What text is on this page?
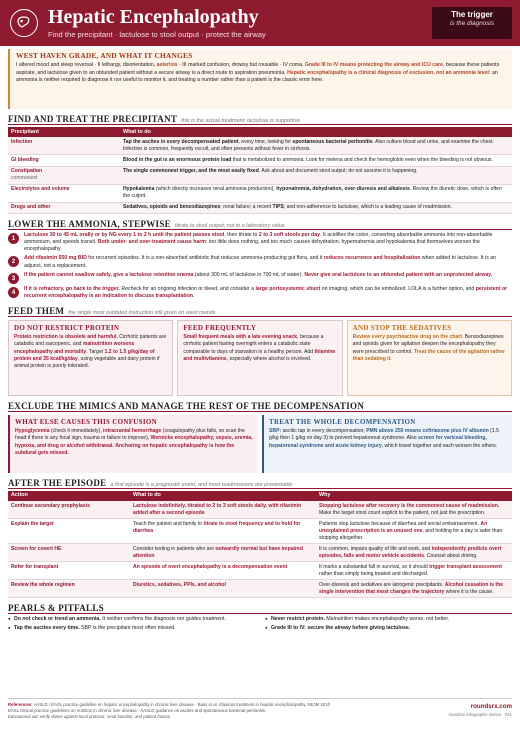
Hepatic Encephalopathy
Find the precipitant · lactulose to stool output · protect the airway
The trigger
is the diagnosis
WEST HAVEN GRADE, AND WHAT IT CHANGES

I altered mood and sleep reversal · II lethargy, disorientation, asterixis · III marked confusion, drowsy but rousable · IV coma. Grade III to IV means protecting the airway and ICU care, because these patients aspirate, and lactulose given to an obtunded patient without a secure airway is a direct route to aspiration pneumonia. Hepatic encephalopathy is a clinical diagnosis of exclusion, not an ammonia level: an ammonia is neither required to diagnose it nor useful to monitor it, and treating a number rather than a patient is the classic error here.

FIND AND TREAT THE PRECIPITANT this is the actual treatment; lactulose is supportive
Precipitant	What to do
Infection	Tap the ascites in every decompensated patient, every time, looking for spontaneous bacterial peritonitis. Also culture blood and urine, and examine the chest. Infection is common, frequently occult, and often presents without fever in cirrhosis.
GI bleeding	Blood in the gut is an enormous protein load that is metabolized to ammonia. Look for melena and check the hemoglobin even when the bleeding is not obvious.
Constipation
commonest	The single commonest trigger, and the most easily fixed. Ask about and document stool output; do not assume it is happening.
Electrolytes and volume	Hypokalemia (which directly increases renal ammonia production), hyponatremia, dehydration, over-diuresis and alkalosis. Review the diuretic dose, which is often the culprit.
Drugs and other	Sedatives, opioids and benzodiazepines; renal failure; a recent TIPS; and non-adherence to lactulose, which is a leading cause of readmission.
LOWER THE AMMONIA, STEPWISE titrate to stool output, not to a laboratory value
1	Lactulose 30 to 45 mL orally or by NG every 1 to 2 h until the patient passes stool, then titrate to 2 to 3 soft stools per day. It acidifies the colon, converting absorbable ammonia into non-absorbable ammonium, and speeds transit. Both under- and over-treatment cause harm: too little does nothing, and too much causes dehydration, hypernatremia and hypokalemia that themselves worsen the encephalopathy.

2	Add rifaximin 550 mg BID for recurrent episodes. It is a non-absorbed antibiotic that reduces ammonia-producing gut flora, and it reduces recurrence and hospitalization when added to lactulose. It is an adjunct, not a replacement.

3	If the patient cannot swallow safely, give a lactulose retention enema (about 300 mL of lactulose in 700 mL of water). Never give oral lactulose to an obtunded patient with an unprotected airway.

4	If it is refractory, go back to the trigger. Recheck for an ongoing infection or bleed, and consider a large portosystemic shunt on imaging, which can be embolized. LOLA is a further option, and persistent or recurrent encephalopathy is an indication to discuss transplantation.

FEED THEM the single most outdated instruction still given on ward rounds
DO NOT RESTRICT PROTEIN

Protein restriction is obsolete and harmful. Cirrhotic patients are catabolic and sarcopenic, and malnutrition worsens encephalopathy and mortality. Target 1.2 to 1.5 g/kg/day of protein and 35 kcal/kg/day, using vegetable and dairy protein if animal protein is poorly tolerated.

FEED FREQUENTLY

Small frequent meals with a late evening snack, because a cirrhotic patient fasting overnight enters a catabolic state comparable to days of starvation in a healthy person. Add thiamine and multivitamins, especially where alcohol is involved.

AND STOP THE SEDATIVES

Review every psychoactive drug on the chart. Benzodiazepines and opioids given for agitation deepen the encephalopathy they were prescribed to control. Treat the cause of the agitation rather than sedating it.

EXCLUDE THE MIMICS AND MANAGE THE REST OF THE DECOMPENSATION
WHAT ELSE CAUSES THIS CONFUSION

Hypoglycemia (check it immediately), intracranial hemorrhage (coagulopathy plus falls, so scan the head if there is any focal sign, trauma or failure to improve), Wernicke encephalopathy, sepsis, uremia, hypoxia, and drug or alcohol withdrawal. Anchoring on hepatic encephalopathy is how the subdural gets missed.

TREAT THE WHOLE DECOMPENSATION

SBP: ascitic tap in every decompensation; PMN above 250 means ceftriaxone plus IV albumin (1.5 g/kg then 1 g/kg on day 3) to prevent hepatorenal syndrome. Also screen for variceal bleeding, hepatorenal syndrome and acute kidney injury, which travel together and each worsen the others.

AFTER THE EPISODE a first episode is a prognostic event, and most readmissions are preventable
Action	What to do	Why
Continue secondary prophylaxis	Lactulose indefinitely, titrated to 2 to 3 soft stools daily, with rifaximin added after a second episode	Stopping lactulose after recovery is the commonest cause of readmission. Make the target stool count explicit to the patient, not just the prescription.
Explain the target	Teach the patient and family to titrate to stool frequency and to hold for diarrhea	Patients stop lactulose because of diarrhea and social embarrassment. An unexplained prescription is an unused one, and holding for a day is safer than stopping altogether.
Screen for covert HE	Consider testing in patients who are outwardly normal but have impaired attention	It is common, impairs quality of life and work, and independently predicts overt episodes, falls and motor vehicle accidents. Counsel about driving.
Refer for transplant	An episode of overt encephalopathy is a decompensation event	It marks a substantial fall in survival, so it should trigger transplant assessment rather than simply being treated and discharged.
Review the whole regimen	Diuretics, sedatives, PPIs, and alcohol	Over-diuresis and sedatives are iatrogenic precipitants. Alcohol cessation is the single intervention that most changes the trajectory where it is the cause.
PEARLS & PITFALLS
● Do not check or trend an ammonia. It neither confirms the diagnosis nor guides treatment.
● Tap the ascites every time. SBP is the precipitant most often missed.
● Never restrict protein. Malnutrition makes encephalopathy worse, not better.
● Grade III to IV: secure the airway before giving lactulose.

References: AASLD / EASL practice guideline on hepatic encephalopathy in chronic liver disease · Bass et al, rifaximin treatment in hepatic encephalopathy, NEJM 2010

EASL clinical practice guidelines on nutrition in chronic liver disease · AASLD guidance on ascites and spontaneous bacterial peritonitis.

Educational aid: verify doses against local protocol, renal function, and patient factors.

roundsrx.com
roundsrx Infographic Series · #41
